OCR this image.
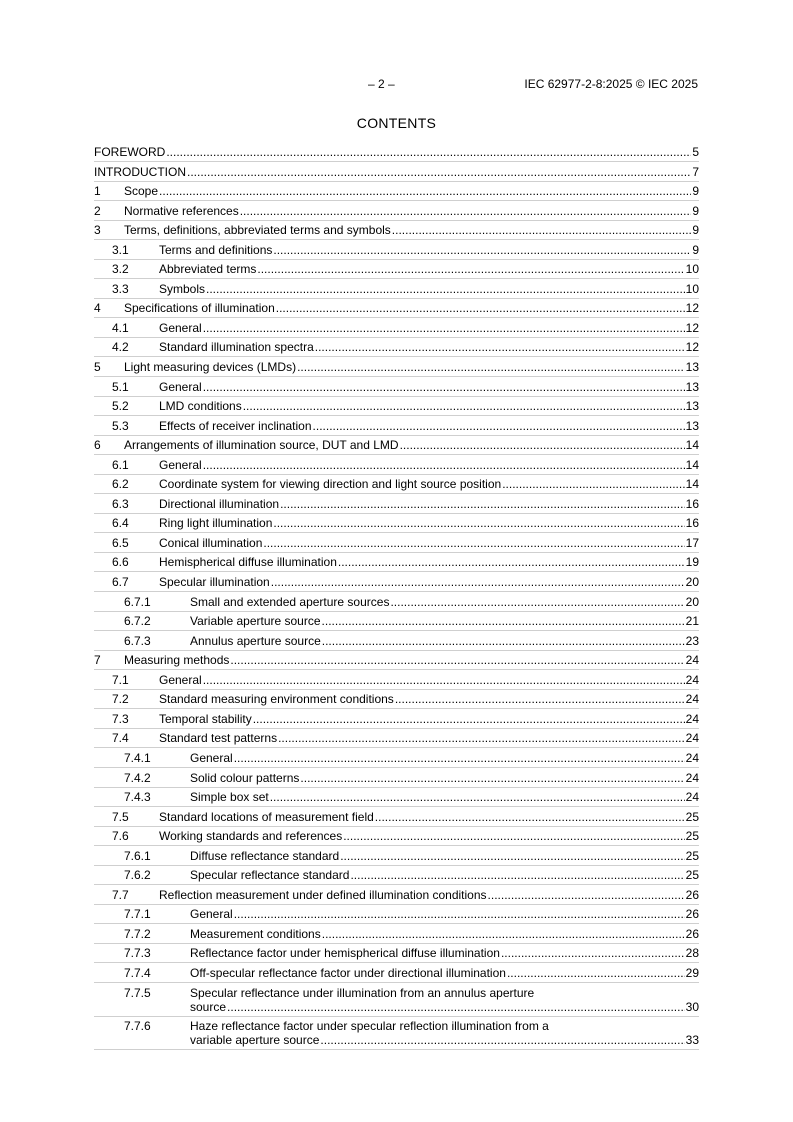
– 2 –	IEC 62977-2-8:2025 © IEC 2025
CONTENTS
FOREWORD .....	5
INTRODUCTION .....	7
1	Scope .....	9
2	Normative references .....	9
3	Terms, definitions, abbreviated terms and symbols .....	9
3.1	Terms and definitions .....	9
3.2	Abbreviated terms .....	10
3.3	Symbols .....	10
4	Specifications of illumination .....	12
4.1	General .....	12
4.2	Standard illumination spectra .....	12
5	Light measuring devices (LMDs) .....	13
5.1	General .....	13
5.2	LMD conditions .....	13
5.3	Effects of receiver inclination .....	13
6	Arrangements of illumination source, DUT and LMD .....	14
6.1	General .....	14
6.2	Coordinate system for viewing direction and light source position .....	14
6.3	Directional illumination .....	16
6.4	Ring light illumination .....	16
6.5	Conical illumination .....	17
6.6	Hemispherical diffuse illumination .....	19
6.7	Specular illumination .....	20
6.7.1	Small and extended aperture sources .....	20
6.7.2	Variable aperture source .....	21
6.7.3	Annulus aperture source .....	23
7	Measuring methods .....	24
7.1	General .....	24
7.2	Standard measuring environment conditions .....	24
7.3	Temporal stability .....	24
7.4	Standard test patterns .....	24
7.4.1	General .....	24
7.4.2	Solid colour patterns .....	24
7.4.3	Simple box set .....	24
7.5	Standard locations of measurement field .....	25
7.6	Working standards and references .....	25
7.6.1	Diffuse reflectance standard .....	25
7.6.2	Specular reflectance standard .....	25
7.7	Reflection measurement under defined illumination conditions .....	26
7.7.1	General .....	26
7.7.2	Measurement conditions .....	26
7.7.3	Reflectance factor under hemispherical diffuse illumination .....	28
7.7.4	Off-specular reflectance factor under directional illumination .....	29
7.7.5	Specular reflectance under illumination from an annulus aperture
source .....	30
7.7.6	Haze reflectance factor under specular reflection illumination from a
variable aperture source .....	33
